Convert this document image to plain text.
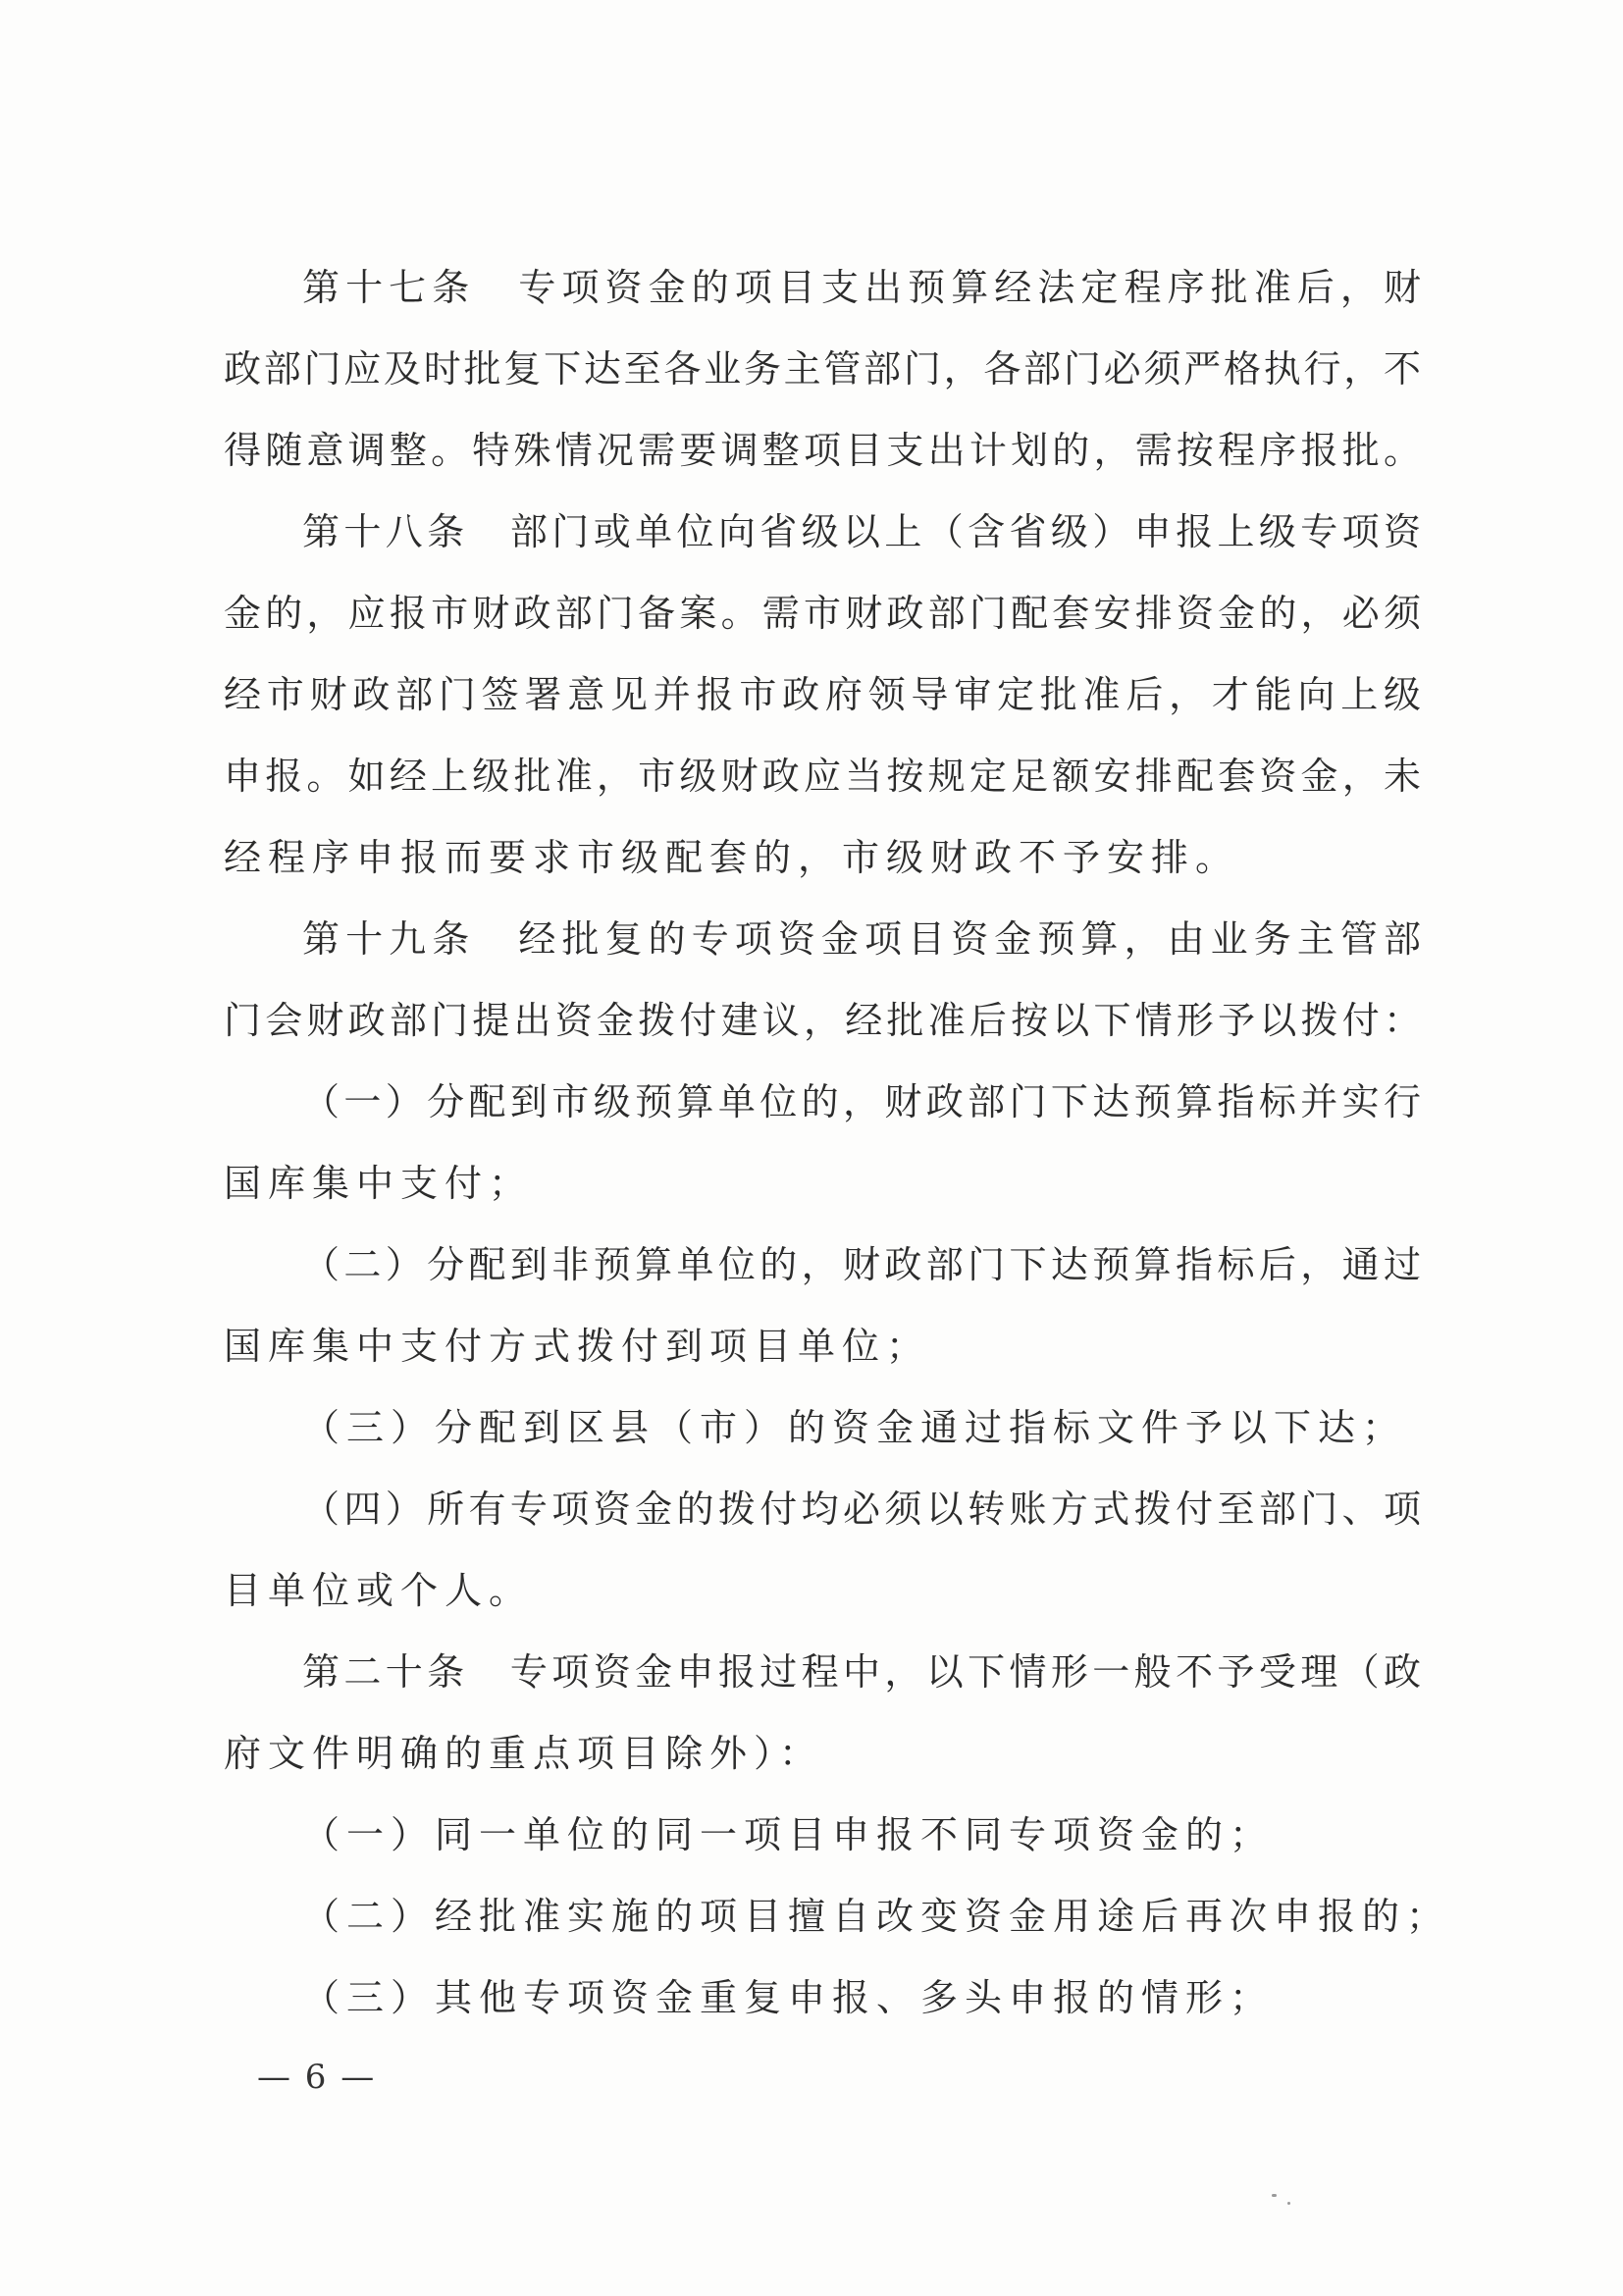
第十七条　专项资金的项目支出预算经法定程序批准后，财
政部门应及时批复下达至各业务主管部门，各部门必须严格执行，不
得随意调整。特殊情况需要调整项目支出计划的，需按程序报批。
第十八条　部门或单位向省级以上（含省级）申报上级专项资
金的，应报市财政部门备案。需市财政部门配套安排资金的，必须
经市财政部门签署意见并报市政府领导审定批准后，才能向上级
申报。如经上级批准，市级财政应当按规定足额安排配套资金，未
经程序申报而要求市级配套的，市级财政不予安排。
第十九条　经批复的专项资金项目资金预算，由业务主管部
门会财政部门提出资金拨付建议，经批准后按以下情形予以拨付：
（一）分配到市级预算单位的，财政部门下达预算指标并实行
国库集中支付；
（二）分配到非预算单位的，财政部门下达预算指标后，通过
国库集中支付方式拨付到项目单位；
（三）分配到区县（市）的资金通过指标文件予以下达；
（四）所有专项资金的拨付均必须以转账方式拨付至部门、项
目单位或个人。
第二十条　专项资金申报过程中，以下情形一般不予受理（政
府文件明确的重点项目除外）：
（一）同一单位的同一项目申报不同专项资金的；
（二）经批准实施的项目擅自改变资金用途后再次申报的；
（三）其他专项资金重复申报、多头申报的情形；
— 6 —
